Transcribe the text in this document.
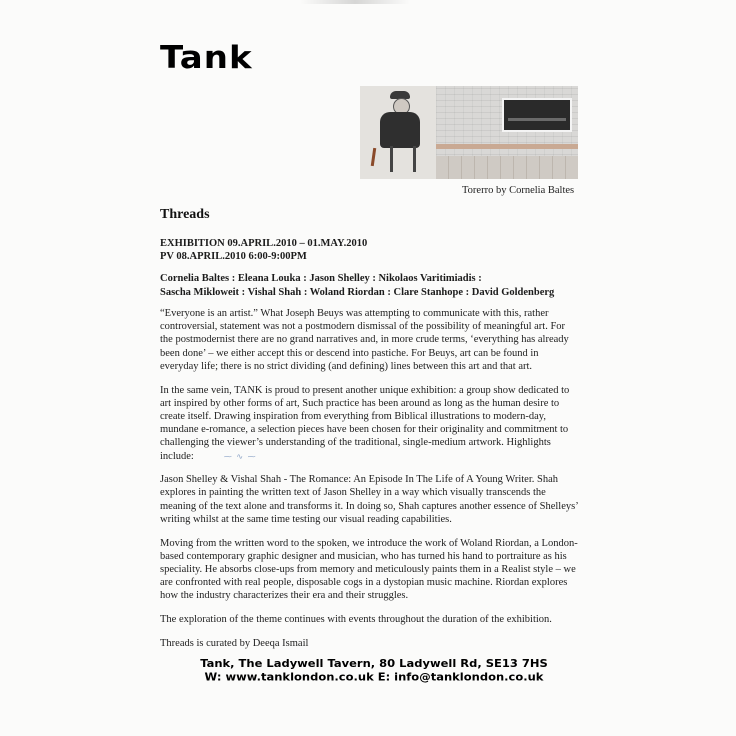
Tank
Torerro by Cornelia Baltes
Threads
EXHIBITION 09.APRIL.2010 – 01.MAY.2010
PV 08.APRIL.2010 6:00-9:00PM
Cornelia Baltes : Eleana Louka : Jason Shelley : Nikolaos Varitimiadis :
Sascha Mikloweit : Vishal Shah : Woland Riordan : Clare Stanhope : David Goldenberg

“Everyone is an artist.” What Joseph Beuys was attempting to communicate with this, rather controversial, statement was not a postmodern dismissal of the possibility of meaningful art. For the postmodernist there are no grand narratives and, in more crude terms, ‘everything has already been done’ – we either accept this or descend into pastiche. For Beuys, art can be found in everyday life; there is no strict dividing (and defining) lines between this art and that art.

In the same vein, TANK is proud to present another unique exhibition: a group show dedicated to art inspired by other forms of art, Such practice has been around as long as the human desire to create itself. Drawing inspiration from everything from Biblical illustrations to modern-day, mundane e-romance, a selection pieces have been chosen for their originality and commitment to challenging the viewer’s understanding of the traditional, single-medium artwork. Highlights include:	⁓ ∿ ⁓

Jason Shelley & Vishal Shah - The Romance: An Episode In The Life of A Young Writer. Shah explores in painting the written text of Jason Shelley in a way which visually transcends the meaning of the text alone and transforms it. In doing so, Shah captures another essence of Shelleys’ writing whilst at the same time testing our visual reading capabilities.

Moving from the written word to the spoken, we introduce the work of Woland Riordan, a London-based contemporary graphic designer and musician, who has turned his hand to portraiture as his speciality. He absorbs close-ups from memory and meticulously paints them in a Realist style – we are confronted with real people, disposable cogs in a dystopian music machine. Riordan explores how the industry characterizes their era and their struggles.

The exploration of the theme continues with events throughout the duration of the exhibition.

Threads is curated by Deeqa Ismail

Tank, The Ladywell Tavern, 80 Ladywell Rd, SE13 7HS
W: www.tanklondon.co.uk E: info@tanklondon.co.uk
